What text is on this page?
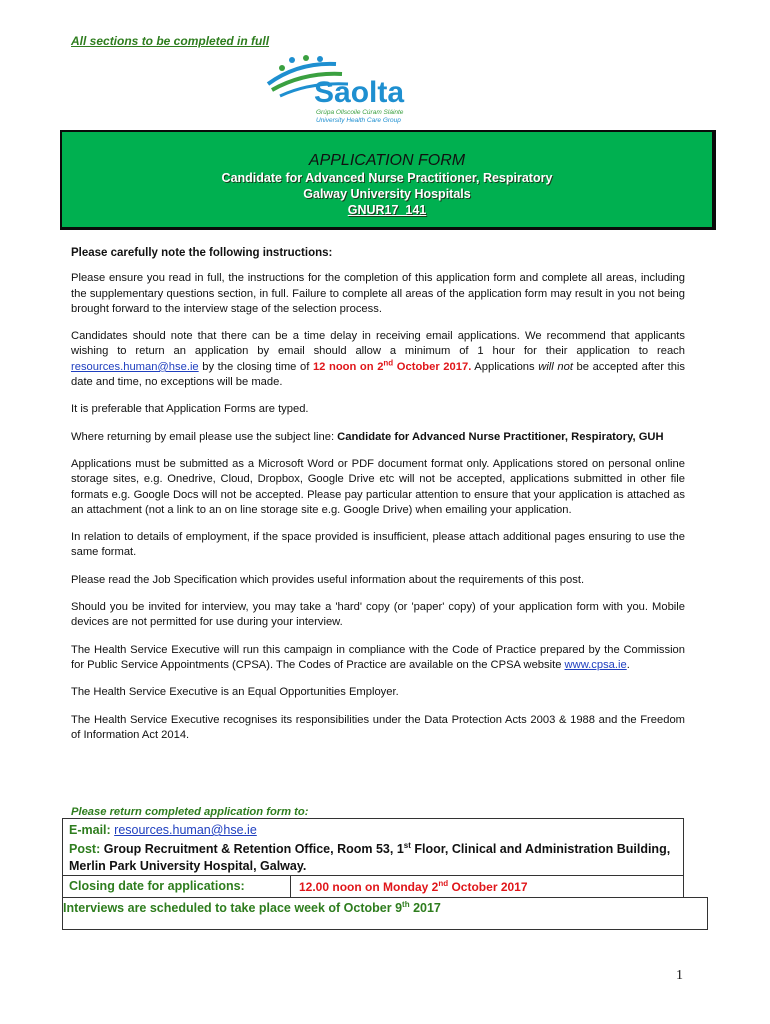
All sections to be completed in full
Saolta
Grúpa Ollscoile Cúram Sláinte
University Health Care Group
APPLICATION FORM
Candidate for Advanced Nurse Practitioner, Respiratory
Galway University Hospitals
GNUR17_141
Please carefully note the following instructions:

Please ensure you read in full, the instructions for the completion of this application form and complete all areas, including the supplementary questions section, in full. Failure to complete all areas of the application form may result in you not being brought forward to the interview stage of the selection process.

Candidates should note that there can be a time delay in receiving email applications. We recommend that applicants wishing to return an application by email should allow a minimum of 1 hour for their application to reach resources.human@hse.ie by the closing time of 12 noon on 2nd October 2017. Applications will not be accepted after this date and time, no exceptions will be made.

It is preferable that Application Forms are typed.

Where returning by email please use the subject line: Candidate for Advanced Nurse Practitioner, Respiratory, GUH

Applications must be submitted as a Microsoft Word or PDF document format only. Applications stored on personal online storage sites, e.g. Onedrive, Cloud, Dropbox, Google Drive etc will not be accepted, applications submitted in other file formats e.g. Google Docs will not be accepted. Please pay particular attention to ensure that your application is attached as an attachment (not a link to an on line storage site e.g. Google Drive) when emailing your application.

In relation to details of employment, if the space provided is insufficient, please attach additional pages ensuring to use the same format.

Please read the Job Specification which provides useful information about the requirements of this post.

Should you be invited for interview, you may take a 'hard' copy (or 'paper' copy) of your application form with you. Mobile devices are not permitted for use during your interview.

The Health Service Executive will run this campaign in compliance with the Code of Practice prepared by the Commission for Public Service Appointments (CPSA). The Codes of Practice are available on the CPSA website www.cpsa.ie.

The Health Service Executive is an Equal Opportunities Employer.

The Health Service Executive recognises its responsibilities under the Data Protection Acts 2003 & 1988 and the Freedom of Information Act 2014.

Please return completed application form to:
E-mail: resources.human@hse.ie
Post: Group Recruitment & Retention Office, Room 53, 1st Floor, Clinical and Administration Building, Merlin Park University Hospital, Galway.
Closing date for applications:	12.00 noon on Monday 2nd October 2017
Interviews are scheduled to take place week of October 9th 2017
1
